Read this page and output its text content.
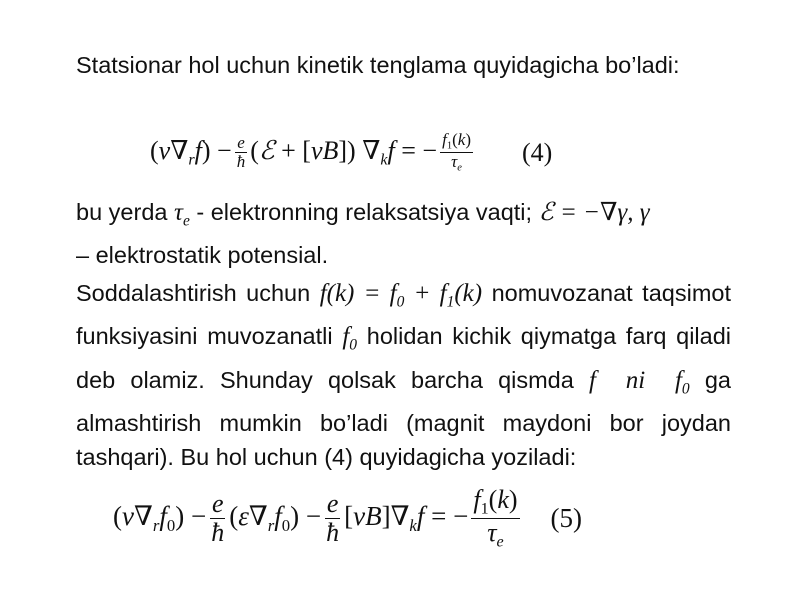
Statsionar hol uchun kinetik tenglama quyidagicha bo’ladi:

$(v\nabla_rf) - \frac{e}{ħ}$ (ℰ + [vB]) $\nabla_kf$ = − $\frac{f_1(k)}{\tau_e} (4)$

bu yerda $\tau_e$ - elektronning relaksatsiya vaqti; ℰ = −∇γ, γ
– elektrostatik potensial.

Soddalashtirish uchun $f(k) = f_0 + f_1(k)$ nomuvozanat taqsimot funksiyasini muvozanatli $f_0$ holidan kichik qiymatga farq qiladi deb olamiz. Shunday qolsak barcha qismda f  ni  $f_0$ ga almashtirish mumkin bo’ladi (magnit maydoni bor joydan tashqari). Bu hol uchun (4) quyidagicha yoziladi:

$(v\nabla_rf_0) - \frac{e}{ħ} (\varepsilon\nabla_rf_0) - \frac{e}{ħ} [vB]\nabla_kf$ = − $\frac{f_1(k)}{\tau_e} (5)$
